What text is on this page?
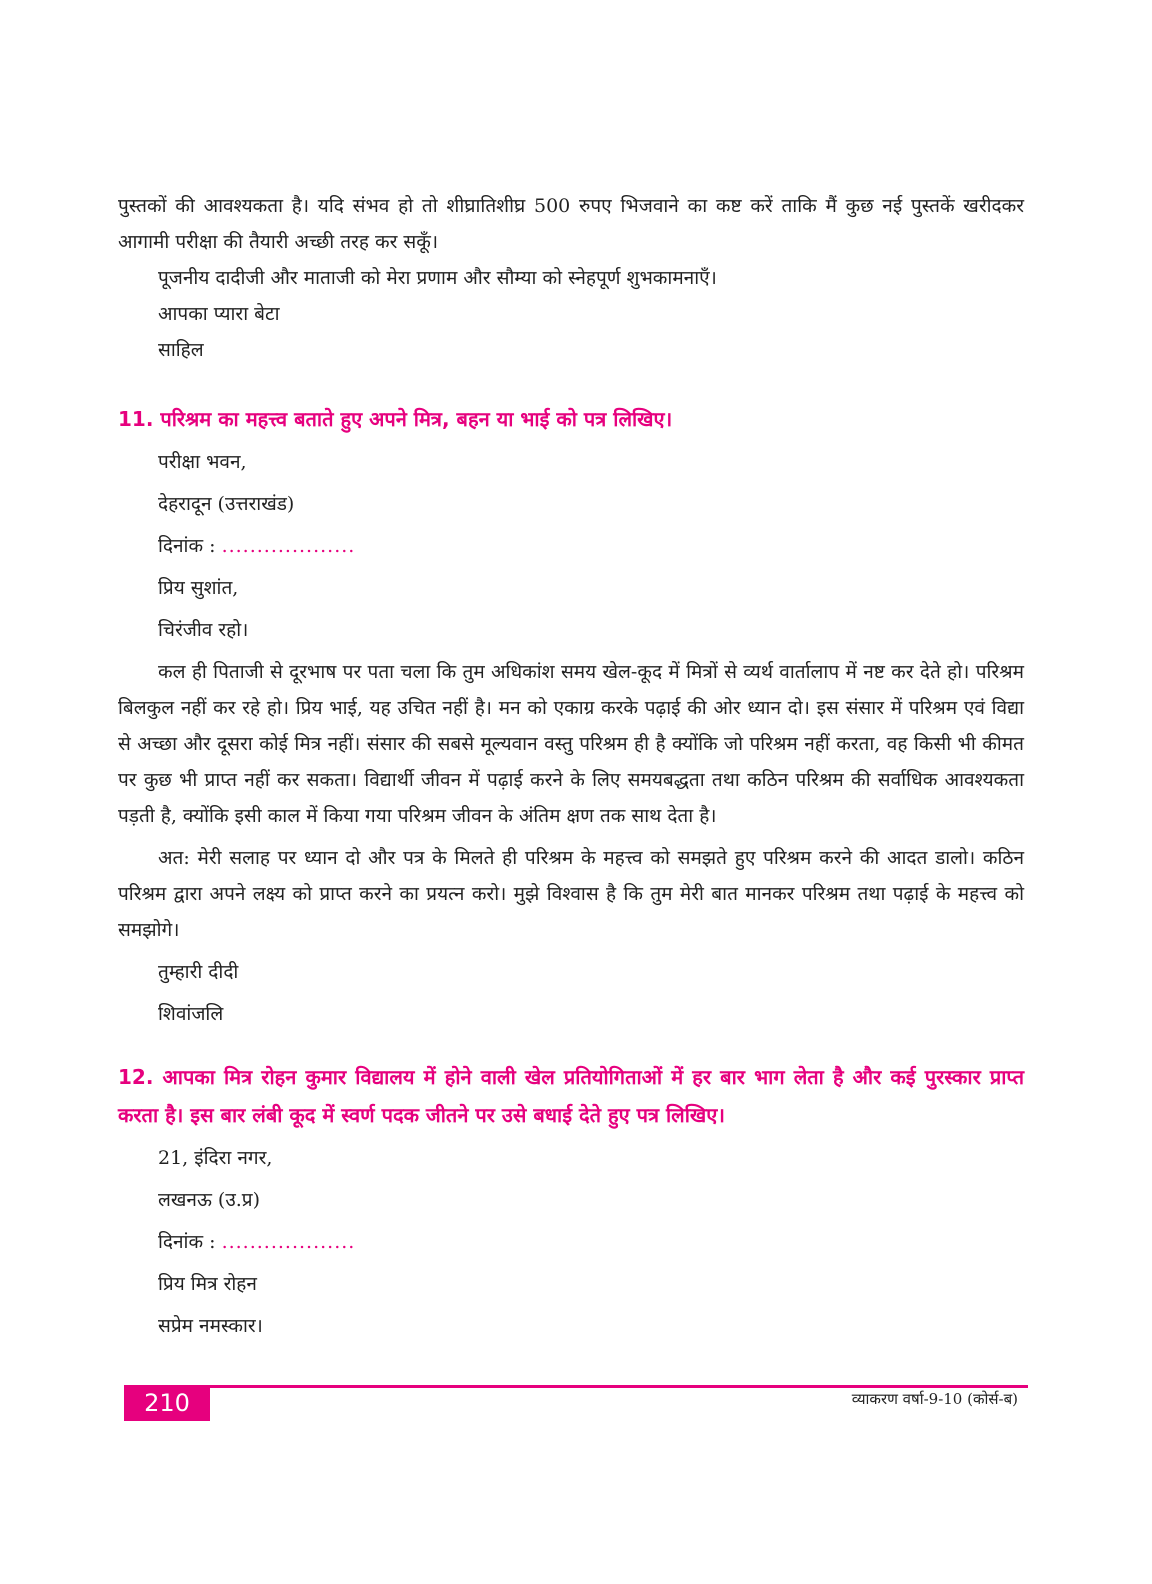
पुस्तकों की आवश्यकता है। यदि संभव हो तो शीघ्रातिशीघ्र 500 रुपए भिजवाने का कष्ट करें ताकि मैं कुछ नई पुस्तकें खरीदकर आगामी परीक्षा की तैयारी अच्छी तरह कर सकूँ।

पूजनीय दादीजी और माताजी को मेरा प्रणाम और सौम्या को स्नेहपूर्ण शुभकामनाएँ।

आपका प्यारा बेटा

साहिल

11. परिश्रम का महत्त्व बताते हुए अपने मित्र, बहन या भाई को पत्र लिखिए।

परीक्षा भवन,

देहरादून (उत्तराखंड)

दिनांक : ...................

प्रिय सुशांत,

चिरंजीव रहो।

कल ही पिताजी से दूरभाष पर पता चला कि तुम अधिकांश समय खेल-कूद में मित्रों से व्यर्थ वार्तालाप में नष्ट कर देते हो। परिश्रम बिलकुल नहीं कर रहे हो। प्रिय भाई, यह उचित नहीं है। मन को एकाग्र करके पढ़ाई की ओर ध्यान दो। इस संसार में परिश्रम एवं विद्या से अच्छा और दूसरा कोई मित्र नहीं। संसार की सबसे मूल्यवान वस्तु परिश्रम ही है क्योंकि जो परिश्रम नहीं करता, वह किसी भी कीमत पर कुछ भी प्राप्त नहीं कर सकता। विद्यार्थी जीवन में पढ़ाई करने के लिए समयबद्धता तथा कठिन परिश्रम की सर्वाधिक आवश्यकता पड़ती है, क्योंकि इसी काल में किया गया परिश्रम जीवन के अंतिम क्षण तक साथ देता है।

अत: मेरी सलाह पर ध्यान दो और पत्र के मिलते ही परिश्रम के महत्त्व को समझते हुए परिश्रम करने की आदत डालो। कठिन परिश्रम द्वारा अपने लक्ष्य को प्राप्त करने का प्रयत्न करो। मुझे विश्वास है कि तुम मेरी बात मानकर परिश्रम तथा पढ़ाई के महत्त्व को समझोगे।

तुम्हारी दीदी

शिवांजलि

12. आपका मित्र रोहन कुमार विद्यालय में होने वाली खेल प्रतियोगिताओं में हर बार भाग लेता है और कई पुरस्कार प्राप्त करता है। इस बार लंबी कूद में स्वर्ण पदक जीतने पर उसे बधाई देते हुए पत्र लिखिए।

21, इंदिरा नगर,

लखनऊ (उ.प्र)

दिनांक : ...................

प्रिय मित्र रोहन

सप्रेम नमस्कार।

210	व्याकरण वर्षा-9-10 (कोर्स-ब)
